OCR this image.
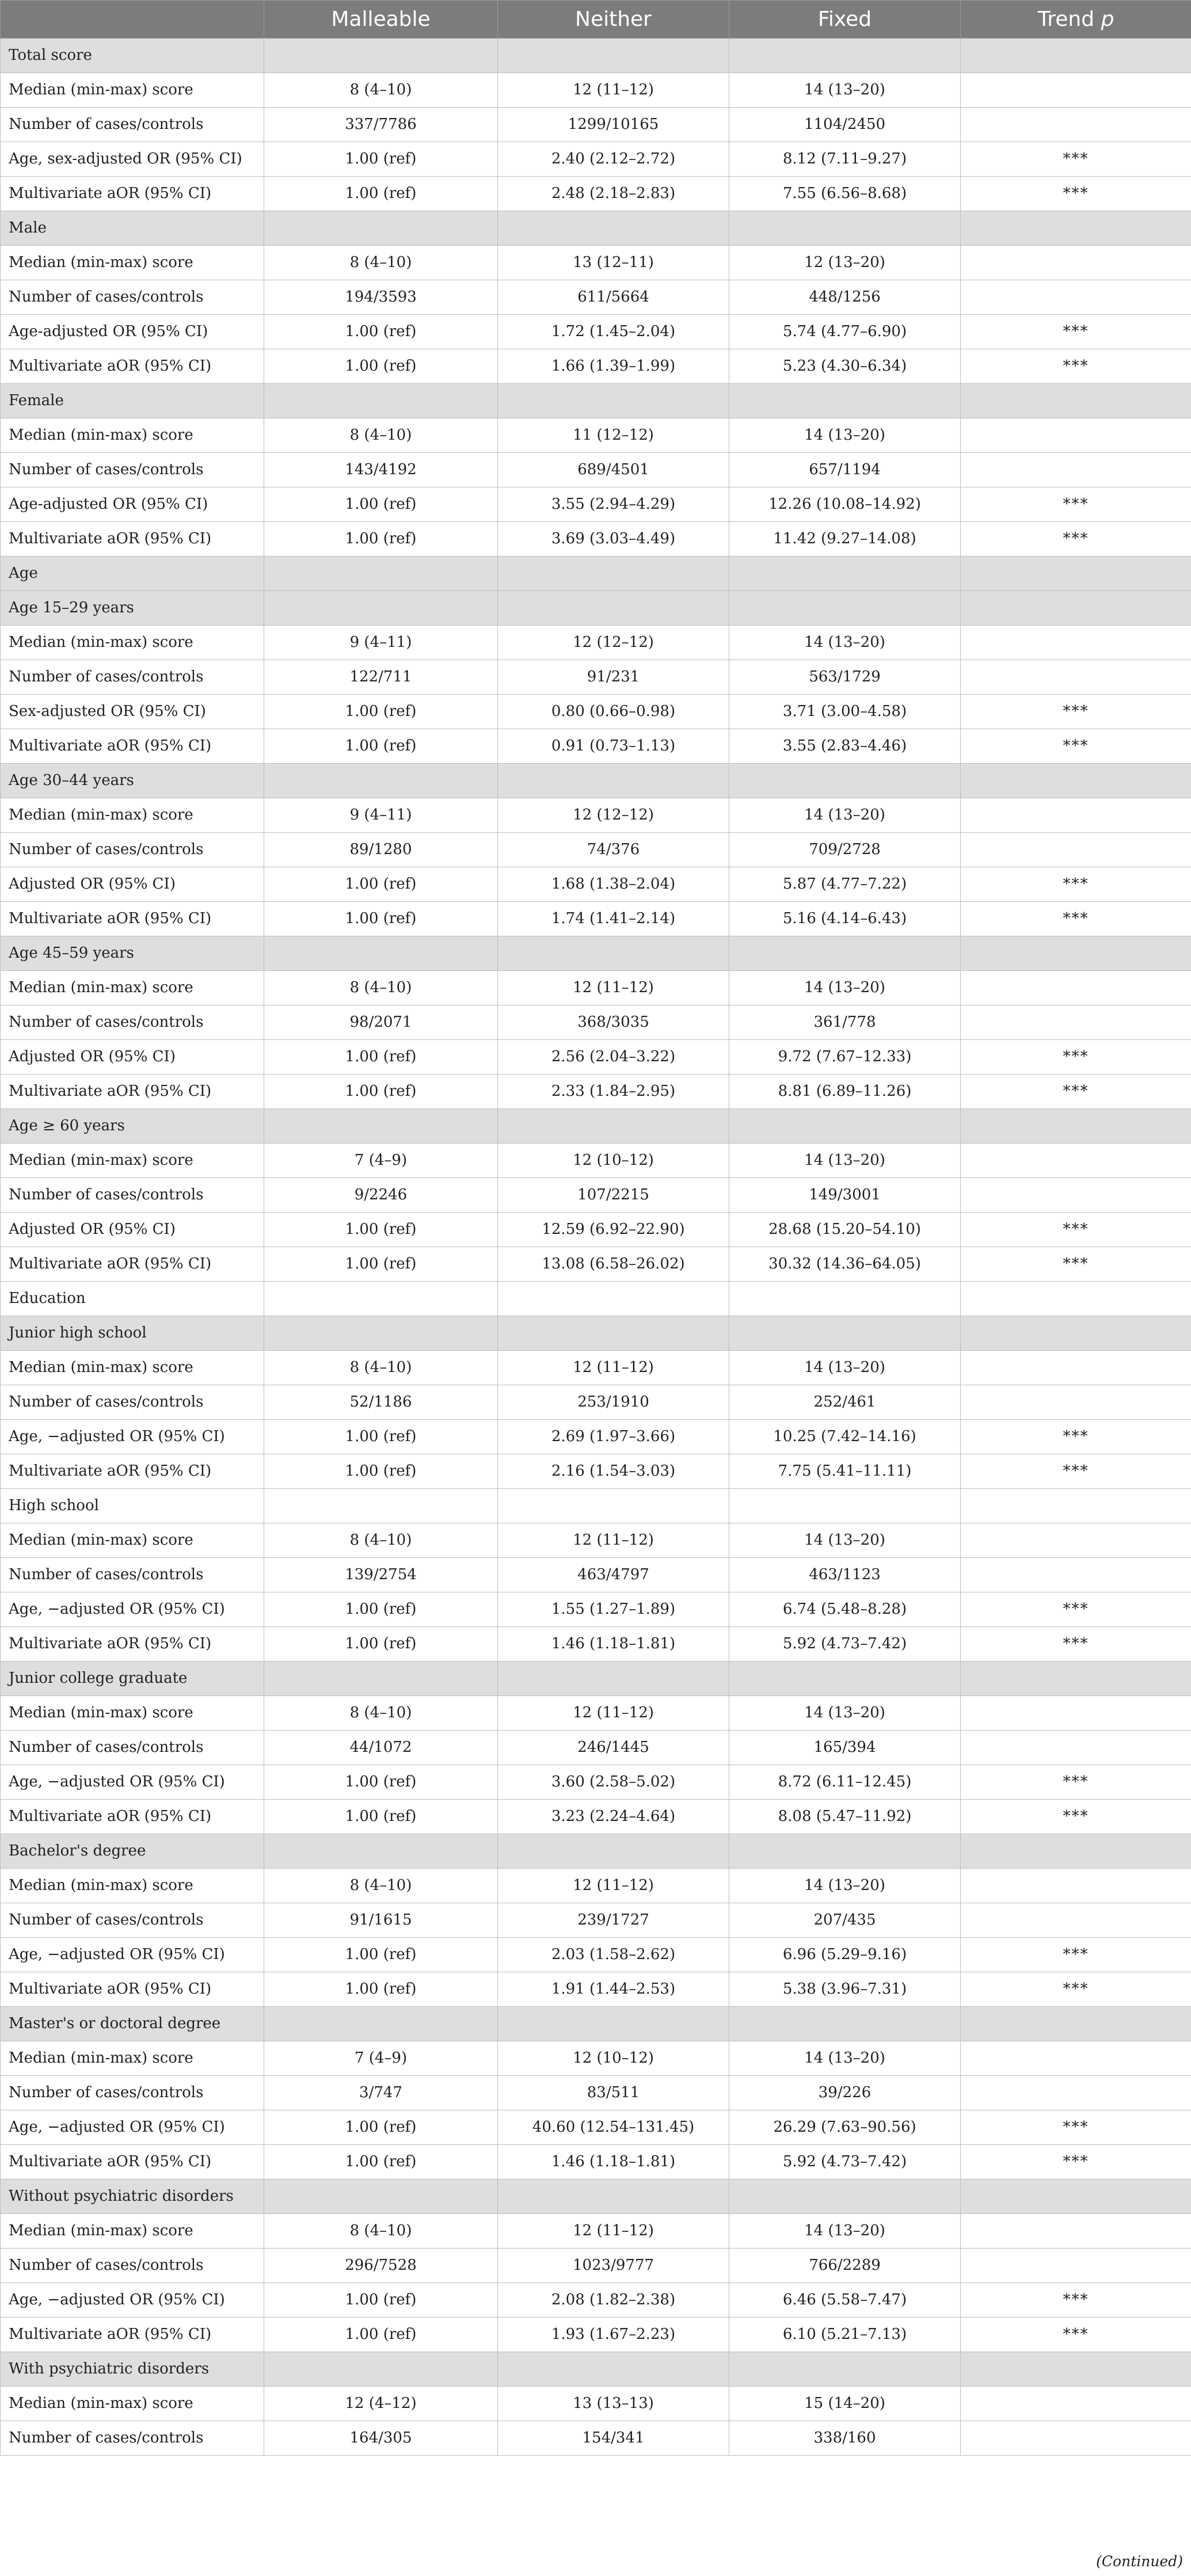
	Malleable	Neither	Fixed	Trend p
Total score				
Median (min-max) score	8 (4–10)	12 (11–12)	14 (13–20)	
Number of cases/controls	337/7786	1299/10165	1104/2450	
Age, sex-adjusted OR (95% CI)	1.00 (ref)	2.40 (2.12–2.72)	8.12 (7.11–9.27)	***
Multivariate aOR (95% CI)	1.00 (ref)	2.48 (2.18–2.83)	7.55 (6.56–8.68)	***
Male				
Median (min-max) score	8 (4–10)	13 (12–11)	12 (13–20)	
Number of cases/controls	194/3593	611/5664	448/1256	
Age-adjusted OR (95% CI)	1.00 (ref)	1.72 (1.45–2.04)	5.74 (4.77–6.90)	***
Multivariate aOR (95% CI)	1.00 (ref)	1.66 (1.39–1.99)	5.23 (4.30–6.34)	***
Female				
Median (min-max) score	8 (4–10)	11 (12–12)	14 (13–20)	
Number of cases/controls	143/4192	689/4501	657/1194	
Age-adjusted OR (95% CI)	1.00 (ref)	3.55 (2.94–4.29)	12.26 (10.08–14.92)	***
Multivariate aOR (95% CI)	1.00 (ref)	3.69 (3.03–4.49)	11.42 (9.27–14.08)	***
Age				
Age 15–29 years				
Median (min-max) score	9 (4–11)	12 (12–12)	14 (13–20)	
Number of cases/controls	122/711	91/231	563/1729	
Sex-adjusted OR (95% CI)	1.00 (ref)	0.80 (0.66–0.98)	3.71 (3.00–4.58)	***
Multivariate aOR (95% CI)	1.00 (ref)	0.91 (0.73–1.13)	3.55 (2.83–4.46)	***
Age 30–44 years				
Median (min-max) score	9 (4–11)	12 (12–12)	14 (13–20)	
Number of cases/controls	89/1280	74/376	709/2728	
Adjusted OR (95% CI)	1.00 (ref)	1.68 (1.38–2.04)	5.87 (4.77–7.22)	***
Multivariate aOR (95% CI)	1.00 (ref)	1.74 (1.41–2.14)	5.16 (4.14–6.43)	***
Age 45–59 years				
Median (min-max) score	8 (4–10)	12 (11–12)	14 (13–20)	
Number of cases/controls	98/2071	368/3035	361/778	
Adjusted OR (95% CI)	1.00 (ref)	2.56 (2.04–3.22)	9.72 (7.67–12.33)	***
Multivariate aOR (95% CI)	1.00 (ref)	2.33 (1.84–2.95)	8.81 (6.89–11.26)	***
Age ≥ 60 years				
Median (min-max) score	7 (4–9)	12 (10–12)	14 (13–20)	
Number of cases/controls	9/2246	107/2215	149/3001	
Adjusted OR (95% CI)	1.00 (ref)	12.59 (6.92–22.90)	28.68 (15.20–54.10)	***
Multivariate aOR (95% CI)	1.00 (ref)	13.08 (6.58–26.02)	30.32 (14.36–64.05)	***
Education				
Junior high school				
Median (min-max) score	8 (4–10)	12 (11–12)	14 (13–20)	
Number of cases/controls	52/1186	253/1910	252/461	
Age, −adjusted OR (95% CI)	1.00 (ref)	2.69 (1.97–3.66)	10.25 (7.42–14.16)	***
Multivariate aOR (95% CI)	1.00 (ref)	2.16 (1.54–3.03)	7.75 (5.41–11.11)	***
High school				
Median (min-max) score	8 (4–10)	12 (11–12)	14 (13–20)	
Number of cases/controls	139/2754	463/4797	463/1123	
Age, −adjusted OR (95% CI)	1.00 (ref)	1.55 (1.27–1.89)	6.74 (5.48–8.28)	***
Multivariate aOR (95% CI)	1.00 (ref)	1.46 (1.18–1.81)	5.92 (4.73–7.42)	***
Junior college graduate				
Median (min-max) score	8 (4–10)	12 (11–12)	14 (13–20)	
Number of cases/controls	44/1072	246/1445	165/394	
Age, −adjusted OR (95% CI)	1.00 (ref)	3.60 (2.58–5.02)	8.72 (6.11–12.45)	***
Multivariate aOR (95% CI)	1.00 (ref)	3.23 (2.24–4.64)	8.08 (5.47–11.92)	***
Bachelor's degree				
Median (min-max) score	8 (4–10)	12 (11–12)	14 (13–20)	
Number of cases/controls	91/1615	239/1727	207/435	
Age, −adjusted OR (95% CI)	1.00 (ref)	2.03 (1.58–2.62)	6.96 (5.29–9.16)	***
Multivariate aOR (95% CI)	1.00 (ref)	1.91 (1.44–2.53)	5.38 (3.96–7.31)	***
Master's or doctoral degree				
Median (min-max) score	7 (4–9)	12 (10–12)	14 (13–20)	
Number of cases/controls	3/747	83/511	39/226	
Age, −adjusted OR (95% CI)	1.00 (ref)	40.60 (12.54–131.45)	26.29 (7.63–90.56)	***
Multivariate aOR (95% CI)	1.00 (ref)	1.46 (1.18–1.81)	5.92 (4.73–7.42)	***
Without psychiatric disorders				
Median (min-max) score	8 (4–10)	12 (11–12)	14 (13–20)	
Number of cases/controls	296/7528	1023/9777	766/2289	
Age, −adjusted OR (95% CI)	1.00 (ref)	2.08 (1.82–2.38)	6.46 (5.58–7.47)	***
Multivariate aOR (95% CI)	1.00 (ref)	1.93 (1.67–2.23)	6.10 (5.21–7.13)	***
With psychiatric disorders				
Median (min-max) score	12 (4–12)	13 (13–13)	15 (14–20)	
Number of cases/controls	164/305	154/341	338/160	
(Continued)
